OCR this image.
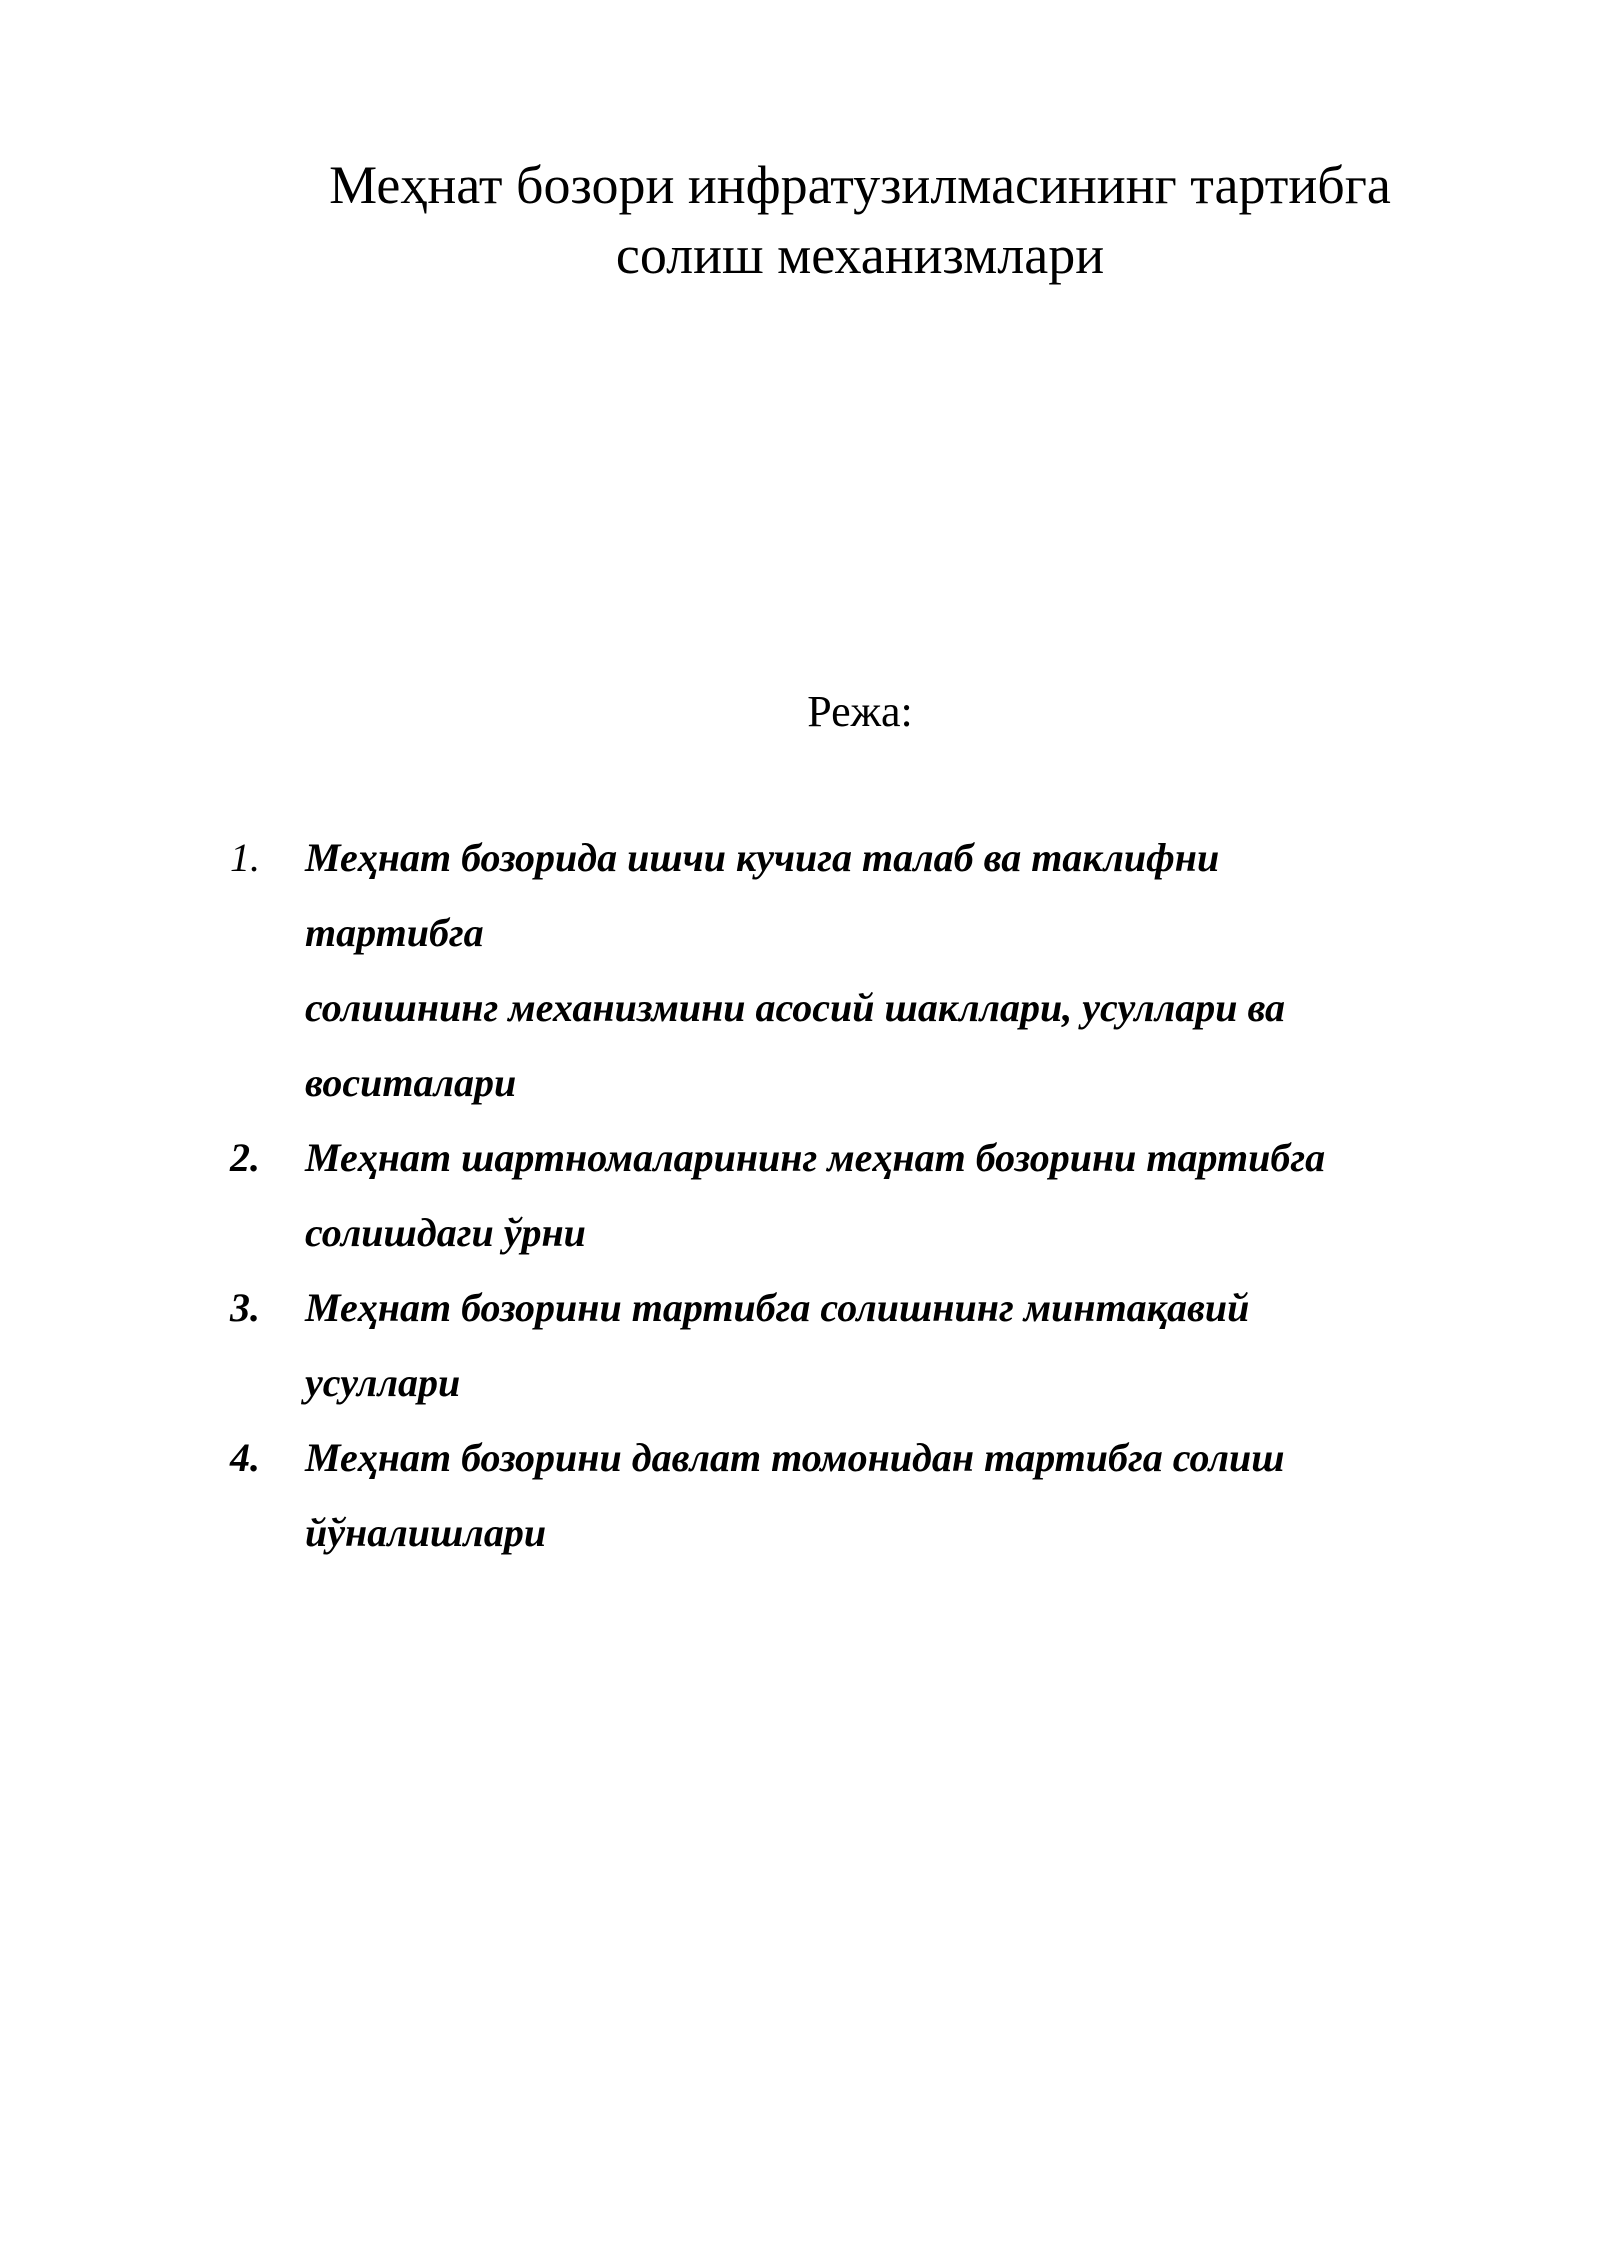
Меҳнат бозори инфратузилмасининг тартибга
солиш механизмлари
Режа:
1. Меҳнат бозорида ишчи кучига талаб ва таклифни
тартибга
солишнинг механизмини асосий шакллари, усуллари ва
воситалари
2. Меҳнат шартномаларининг меҳнат бозорини тартибга
солишдаги ўрни
3. Меҳнат бозорини тартибга солишнинг минтақавий
усуллари
4. Меҳнат бозорини давлат томонидан тартибга солиш
йўналишлари
